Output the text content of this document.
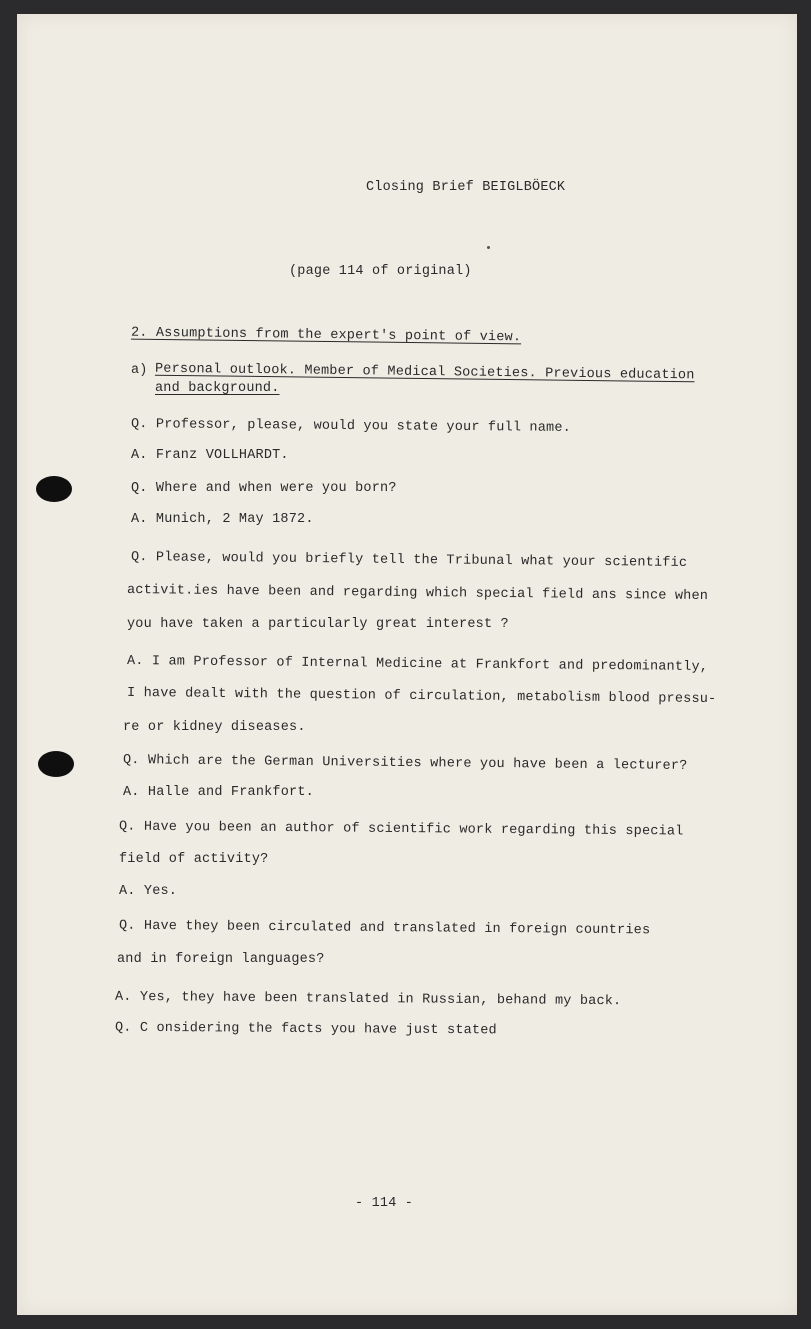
Closing Brief BEIGLBÖECK
(page 114 of original)
2. Assumptions from the expert's point of view.
a) Personal outlook. Member of Medical Societies. Previous education
and background.
Q. Professor, please, would you state your full name.
A. Franz VOLLHARDT.
Q. Where and when were you born?
A. Munich, 2 May 1872.
Q. Please, would you briefly tell the Tribunal what your scientific
activit.ies have been and regarding which special field ans since when
you have taken a particularly great interest ?
A. I am Professor of Internal Medicine at Frankfort and predominantly,
I have dealt with the question of circulation, metabolism blood pressu-
re or kidney diseases.
Q. Which are the German Universities where you have been a lecturer?
A. Halle and Frankfort.
Q. Have you been an author of scientific work regarding this special
field of activity?
A. Yes.
Q. Have they been circulated and translated in foreign countries
and in foreign languages?
A. Yes, they have been translated in Russian, behand my back.
Q. C onsidering the facts you have just stated
- 114 -
